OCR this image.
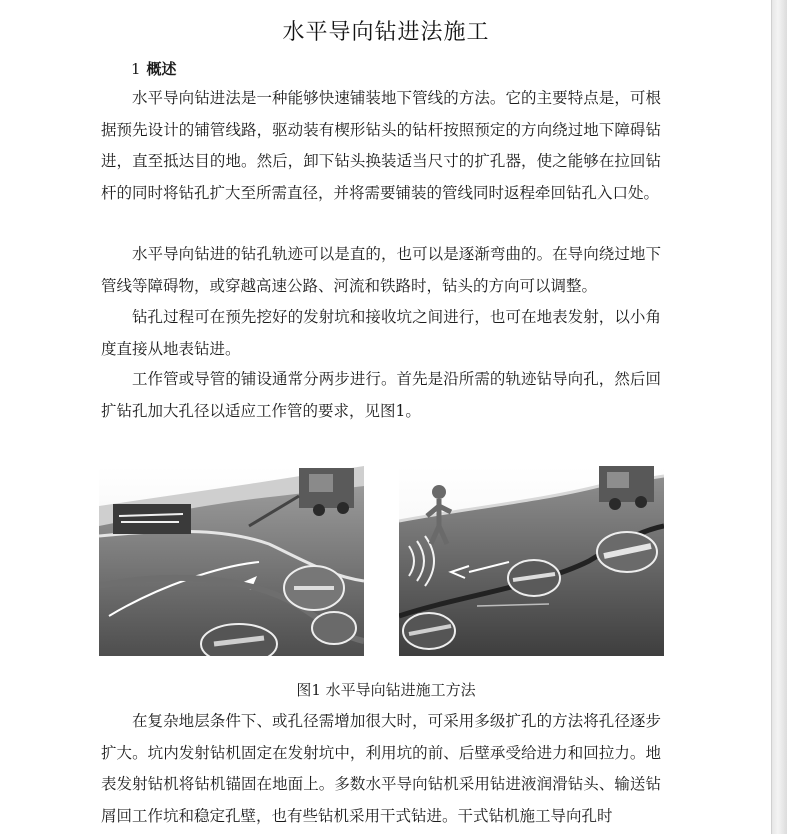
水平导向钻进法施工
1 概述

水平导向钻进法是一种能够快速铺装地下管线的方法。它的主要特点是，可根据预先设计的铺管线路，驱动装有楔形钻头的钻杆按照预定的方向绕过地下障碍钻进，直至抵达目的地。然后，卸下钻头换装适当尺寸的扩孔器，使之能够在拉回钻杆的同时将钻孔扩大至所需直径，并将需要铺装的管线同时返程牵回钻孔入口处。

水平导向钻进的钻孔轨迹可以是直的，也可以是逐渐弯曲的。在导向绕过地下管线等障碍物，或穿越高速公路、河流和铁路时，钻头的方向可以调整。

钻孔过程可在预先挖好的发射坑和接收坑之间进行，也可在地表发射，以小角度直接从地表钻进。

工作管或导管的铺设通常分两步进行。首先是沿所需的轨迹钻导向孔，然后回扩钻孔加大孔径以适应工作管的要求，见图1。

图1 水平导向钻进施工方法

在复杂地层条件下、或孔径需增加很大时，可采用多级扩孔的方法将孔径逐步扩大。坑内发射钻机固定在发射坑中，利用坑的前、后壁承受给进力和回拉力。地表发射钻机将钻机锚固在地面上。多数水平导向钻机采用钻进液润滑钻头、输送钻屑回工作坑和稳定孔壁，也有些钻机采用干式钻进。干式钻机施工导向孔时
